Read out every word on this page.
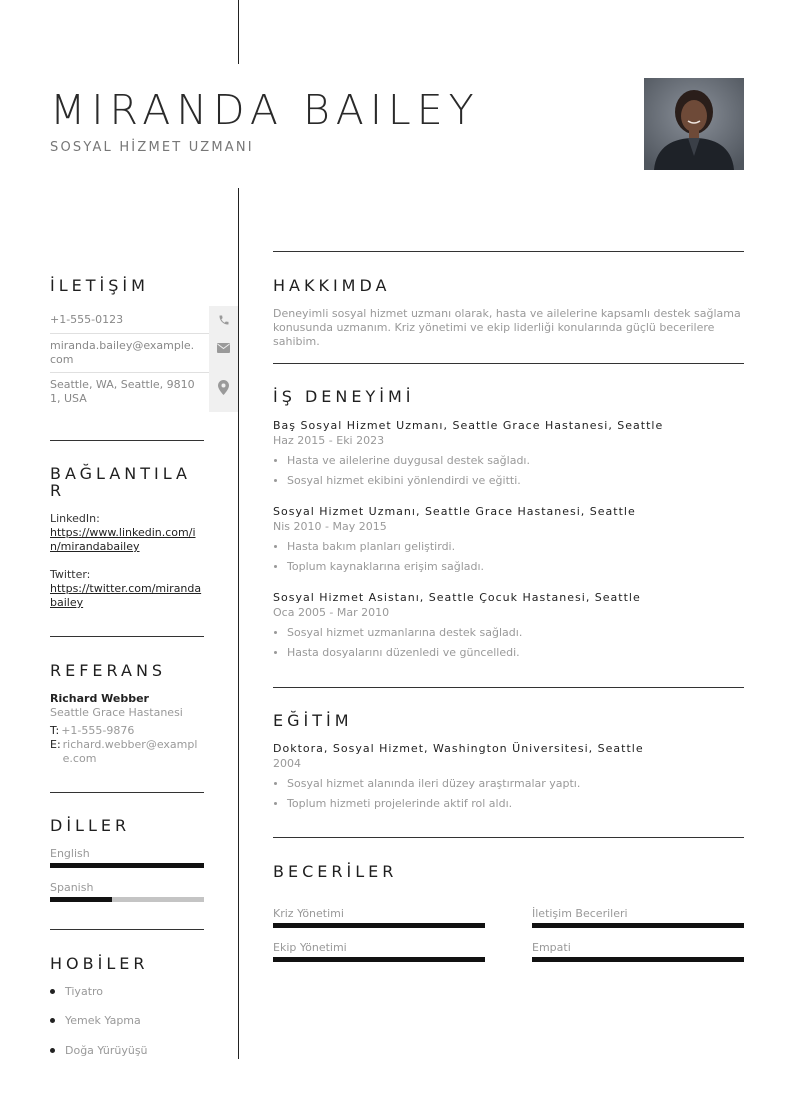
MIRANDA BAILEY
SOSYAL HİZMET UZMANI
İLETİŞİM
+1-555-0123
miranda.bailey@example.com
Seattle, WA, Seattle, 98101, USA
BAĞLANTILAR
LinkedIn:
https://www.linkedin.com/in/mirandabailey
Twitter:
https://twitter.com/mirandabailey
REFERANS
Richard Webber
Seattle Grace Hastanesi
T: +1-555-9876
E: richard.webber@example.com
DİLLER
English
Spanish
HOBİLER
Tiyatro
Yemek Yapma
Doğa Yürüyüşü
HAKKIMDA
Deneyimli sosyal hizmet uzmanı olarak, hasta ve ailelerine kapsamlı destek sağlama konusunda uzmanım. Kriz yönetimi ve ekip liderliği konularında güçlü becerilere sahibim.
İŞ DENEYİMİ
Baş Sosyal Hizmet Uzmanı, Seattle Grace Hastanesi, Seattle
Haz 2015 - Eki 2023
Hasta ve ailelerine duygusal destek sağladı.
Sosyal hizmet ekibini yönlendirdi ve eğitti.
Sosyal Hizmet Uzmanı, Seattle Grace Hastanesi, Seattle
Nis 2010 - May 2015
Hasta bakım planları geliştirdi.
Toplum kaynaklarına erişim sağladı.
Sosyal Hizmet Asistanı, Seattle Çocuk Hastanesi, Seattle
Oca 2005 - Mar 2010
Sosyal hizmet uzmanlarına destek sağladı.
Hasta dosyalarını düzenledi ve güncelledi.
EĞİTİM
Doktora, Sosyal Hizmet, Washington Üniversitesi, Seattle
2004
Sosyal hizmet alanında ileri düzey araştırmalar yaptı.
Toplum hizmeti projelerinde aktif rol aldı.
BECERİLER
Kriz Yönetimi	İletişim Becerileri
Ekip Yönetimi	Empati
